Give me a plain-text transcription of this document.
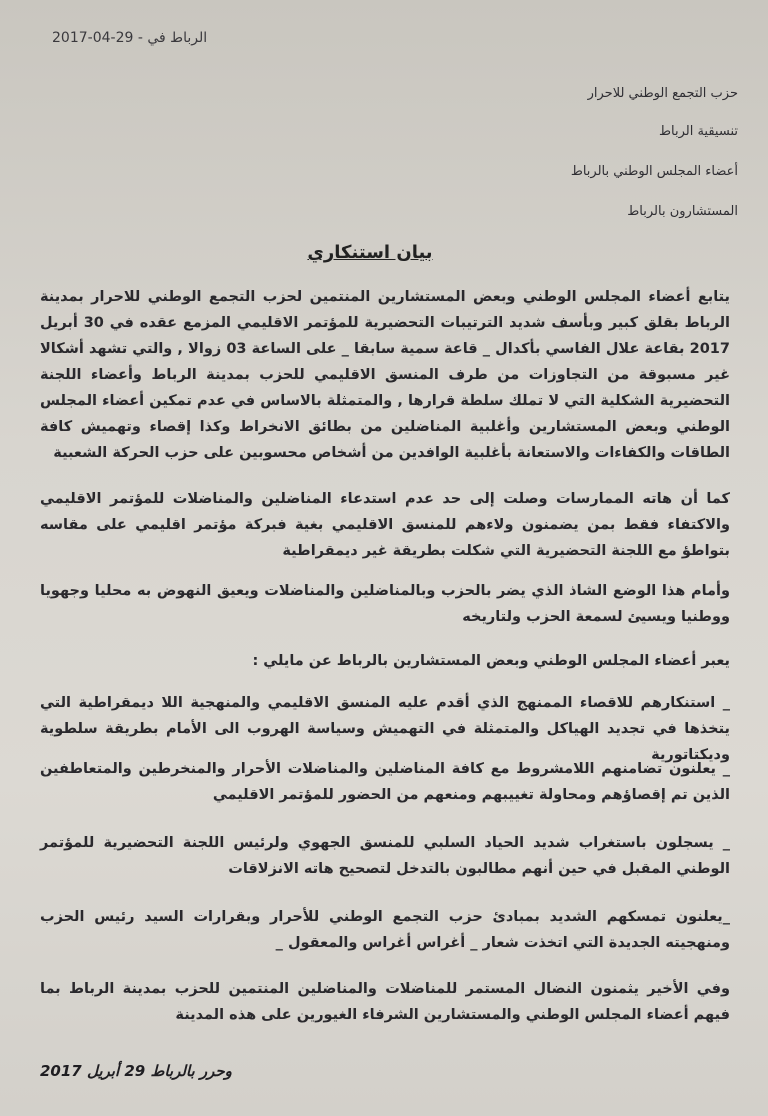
الرباط في - 29-04-2017
حزب التجمع الوطني للاحرار
تنسيقية الرباط
أعضاء المجلس الوطني بالرباط
المستشارون بالرباط
بيان استنكاري
يتابع أعضاء المجلس الوطني وبعض المستشارين المنتمين لحزب التجمع الوطني للاحرار بمدينة الرباط بقلق كبير وبأسف شديد الترتيبات التحضيرية للمؤتمر الاقليمي المزمع عقده في 30 أبريل 2017 بقاعة علال الفاسي بأكدال _ قاعة سمية سابقا _ على الساعة 03 زوالا , والتي تشهد أشكالا غير مسبوقة من التجاوزات من طرف المنسق الاقليمي للحزب بمدينة الرباط وأعضاء اللجنة التحضيرية الشكلية التي لا تملك سلطة قرارها , والمتمثلة بالاساس في عدم تمكين أعضاء المجلس الوطني وبعض المستشارين وأغلبية المناضلين من بطائق الانخراط وكذا إقصاء وتهميش كافة الطاقات والكفاءات والاستعانة بأغلبية الوافدين من أشخاص محسوبين على حزب الحركة الشعبية
كما أن هاته الممارسات وصلت إلى حد عدم استدعاء المناضلين والمناضلات للمؤتمر الاقليمي والاكتفاء فقط بمن يضمنون ولاءهم للمنسق الاقليمي بغية فبركة مؤتمر اقليمي على مقاسه بتواطؤ مع اللجنة التحضيرية التي شكلت بطريقة غير ديمقراطية
وأمام هذا الوضع الشاذ الذي يضر بالحزب وبالمناضلين والمناضلات ويعيق النهوض به محليا وجهويا ووطنيا ويسيئ لسمعة الحزب ولتاريخه
يعبر أعضاء المجلس الوطني وبعض المستشارين بالرباط عن مايلي :
_ استنكارهم للاقصاء الممنهج الذي أقدم عليه المنسق الاقليمي والمنهجية اللا ديمقراطية التي يتخذها في تجديد الهياكل والمتمثلة في التهميش وسياسة الهروب الى الأمام بطريقة سلطوية وديكتاتورية
_ يعلنون تضامنهم اللامشروط مع كافة المناضلين والمناضلات الأحرار والمنخرطين والمتعاطفين الذين تم إقصاؤهم ومحاولة تغييبهم ومنعهم من الحضور للمؤتمر الاقليمي
_ يسجلون باستغراب شديد الحياد السلبي للمنسق الجهوي ولرئيس اللجنة التحضيرية للمؤتمر الوطني المقبل في حين أنهم مطالبون بالتدخل لتصحيح هاته الانزلاقات
_يعلنون تمسكهم الشديد بمبادئ حزب التجمع الوطني للأحرار وبقرارات السيد رئيس الحزب ومنهجيته الجديدة التي اتخذت شعار _ أغراس أغراس والمعقول _
وفي الأخير يثمنون النضال المستمر للمناضلات والمناضلين المنتمين للحزب بمدينة الرباط بما فيهم أعضاء المجلس الوطني والمستشارين الشرفاء الغيورين على هذه المدينة
وحرر بالرباط 29 أبريل 2017
